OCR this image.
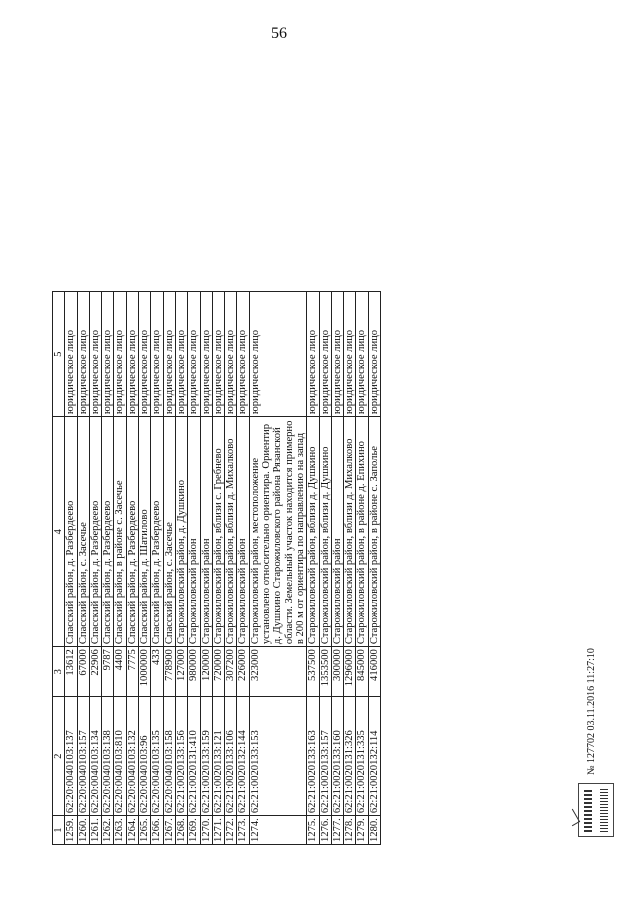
56
1	2	3	4	5
1259.	62:20:0040103:137	13612	Спасский район, д. Разбердеево	юридическое лицо
1260.	62:20:0040103:157	67000	Спасский район, с. Засечье	юридическое лицо
1261.	62:20:0040103:134	22906	Спасский район, д. Разбердеево	юридическое лицо
1262.	62:20:0040103:138	9787	Спасский район, д. Разбердеево	юридическое лицо
1263.	62:20:0040103:810	4400	Спасский район, в районе с. Засечье	юридическое лицо
1264.	62:20:0040103:132	7775	Спасский район, д. Разбердеево	юридическое лицо
1265.	62:20:0040103:96	1000000	Спасский район, д. Шатилово	юридическое лицо
1266.	62:20:0040103:135	433	Спасский район, д. Разбердеево	юридическое лицо
1267.	62:20:0040103:158	778900	Спасский район, с. Засечье	юридическое лицо
1268.	62:21:0020133:156	127000	Старожиловский район, д. Душкино	юридическое лицо
1269.	62:21:0020131:410	980000	Старожиловский район	юридическое лицо
1270.	62:21:0020133:159	120000	Старожиловский район	юридическое лицо
1271.	62:21:0020133:121	720000	Старожиловский район, вблизи с. Гребнево	юридическое лицо
1272.	62:21:0020133:106	307200	Старожиловский район, вблизи д. Михалково	юридическое лицо
1273.	62:21:0020132:144	226000	Старожиловский район	юридическое лицо
1274.	62:21:0020133:153	323000	Старожиловский район, местоположение установлено относительно ориентира. Ориентир д. Душкино Старожиловского района Рязанской области. Земельный участок находится примерно в 200 м от ориентира по направлению на запад	юридическое лицо
1275.	62:21:0020133:163	537500	Старожиловский район, вблизи д. Душкино	юридическое лицо
1276.	62:21:0020133:157	1353500	Старожиловский район, вблизи д. Душкино	юридическое лицо
1277.	62:21:0020133:160	300000	Старожиловский район	юридическое лицо
1278.	62:21:0020131:326	1296000	Старожиловский район, вблизи д. Михалково	юридическое лицо
1279.	62:21:0020131:335	845000	Старожиловский район, в районе д. Епихино	юридическое лицо
1280.	62:21:0020132:114	416000	Старожиловский район, в районе с. Заполье	юридическое лицо
№ 127702 03.11.2016 11:27:10
